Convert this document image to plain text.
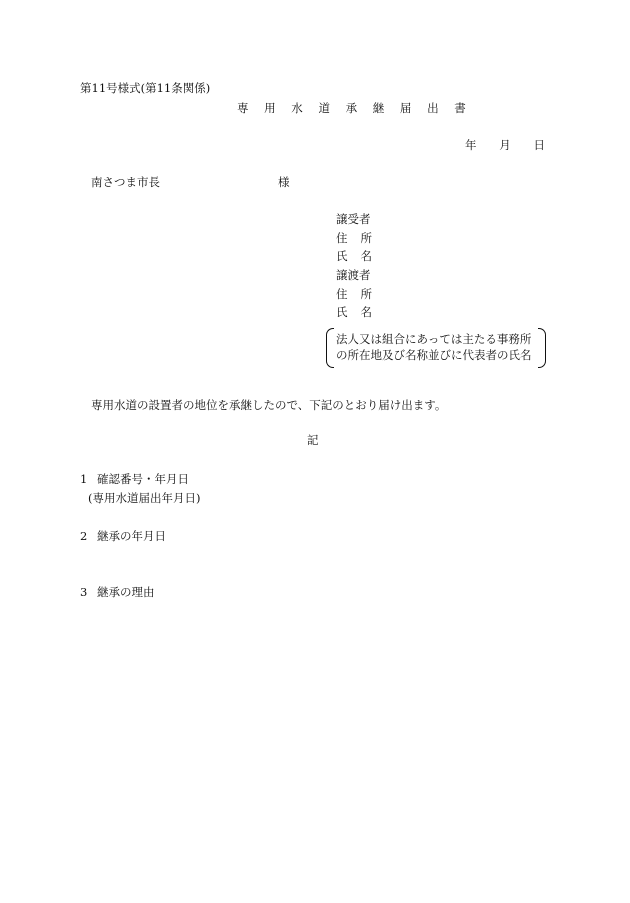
第11号様式(第11条関係)
専 用 水 道 承 継 届 出 書
年 月 日
南さつま市長	様
譲受者
住 所
氏 名
譲渡者
住 所
氏 名
法人又は組合にあっては主たる事務所
の所在地及び名称並びに代表者の氏名
専用水道の設置者の地位を承継したので、下記のとおり届け出ます。
記
1 確認番号・年月日
(専用水道届出年月日)
2 継承の年月日
3 継承の理由
